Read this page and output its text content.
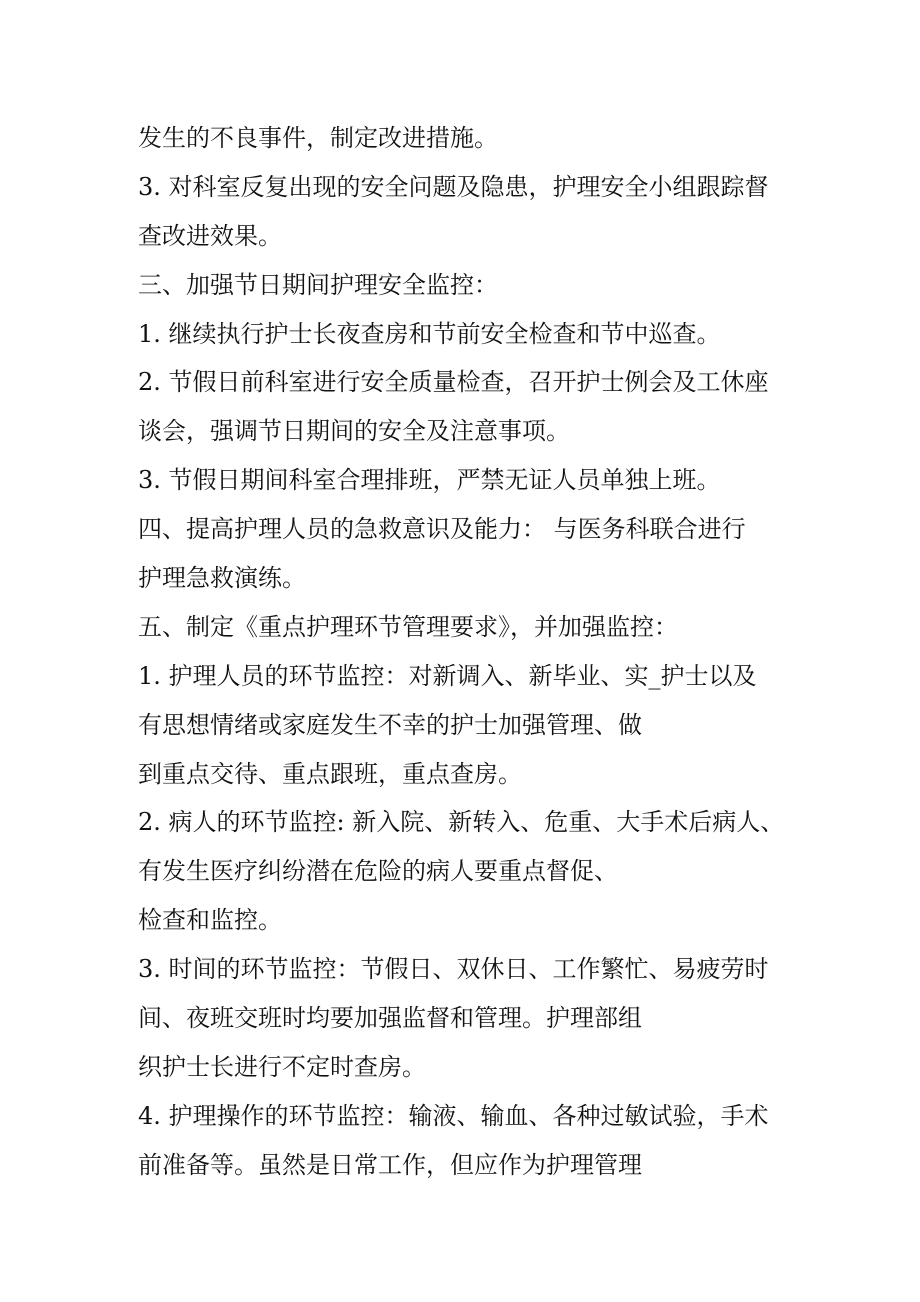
发生的不良事件，制定改进措施。
3. 对科室反复出现的安全问题及隐患，护理安全小组跟踪督
查改进效果。
三、加强节日期间护理安全监控：
1. 继续执行护士长夜查房和节前安全检查和节中巡查。
2. 节假日前科室进行安全质量检查，召开护士例会及工休座
谈会，强调节日期间的安全及注意事项。
3. 节假日期间科室合理排班，严禁无证人员单独上班。
四、提高护理人员的急救意识及能力： 与医务科联合进行
护理急救演练。
五、制定《重点护理环节管理要求》，并加强监控：
1. 护理人员的环节监控：对新调入、新毕业、实_护士以及
有思想情绪或家庭发生不幸的护士加强管理、做
到重点交待、重点跟班，重点查房。
2. 病人的环节监控: 新入院、新转入、危重、大手术后病人、
有发生医疗纠纷潜在危险的病人要重点督促、
检查和监控。
3. 时间的环节监控：节假日、双休日、工作繁忙、易疲劳时
间、夜班交班时均要加强监督和管理。护理部组
织护士长进行不定时查房。
4. 护理操作的环节监控：输液、输血、各种过敏试验，手术
前准备等。虽然是日常工作，但应作为护理管理
